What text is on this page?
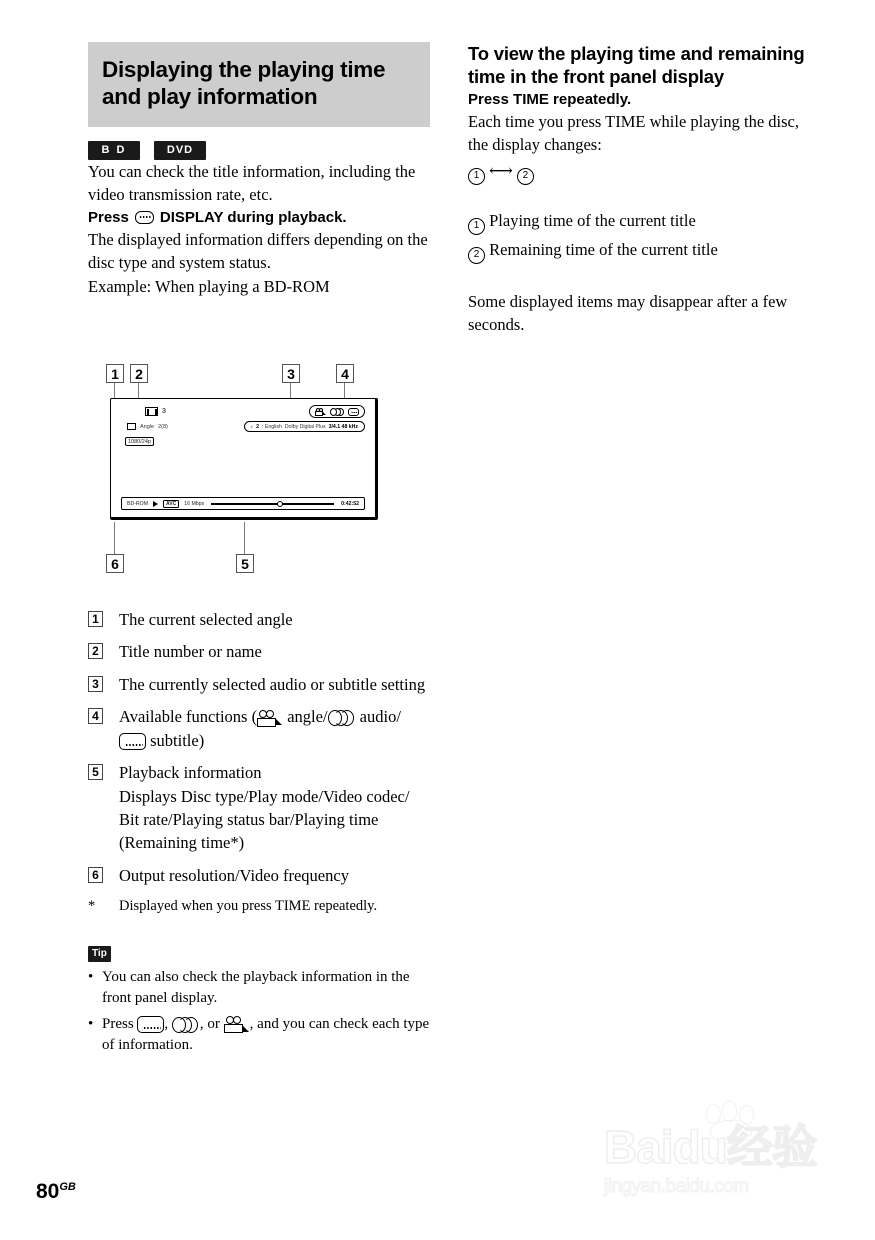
Displaying the playing time and play information
B D	DVD

You can check the title information, including the video transmission rate, etc.

Press DISPLAY during playback.

The displayed information differs depending on the disc type and system status.

Example: When playing a BD-ROM

1	2	3	4
3
Angle 2(8)
1080/24p
♪ 2 : English Dolby Digital Plus 3/4.1 48 kHz
BD-ROM	AVC	16 Mbps	0:42:52
6	5
1 The current selected angle
2 Title number or name
3 The currently selected audio or subtitle setting
4 Available functions ( angle/ audio/
subtitle)
5 Playback information
Displays Disc type/Play mode/Video codec/
Bit rate/Playing status bar/Playing time
(Remaining time*)
6 Output resolution/Video frequency
*	Displayed when you press TIME repeatedly.
Tip
• You can also check the playback information in the front panel display.
• Press ,
, or
, and you can check each type of information.
To view the playing time and remaining time in the front panel display

Press TIME repeatedly.

Each time you press TIME while playing the disc, the display changes:

1 ⟷ 2

1 Playing time of the current title

2 Remaining time of the current title

Some displayed items may disappear after a few seconds.

$80^{GB}$
Baidu经验
jingyan.baidu.com
